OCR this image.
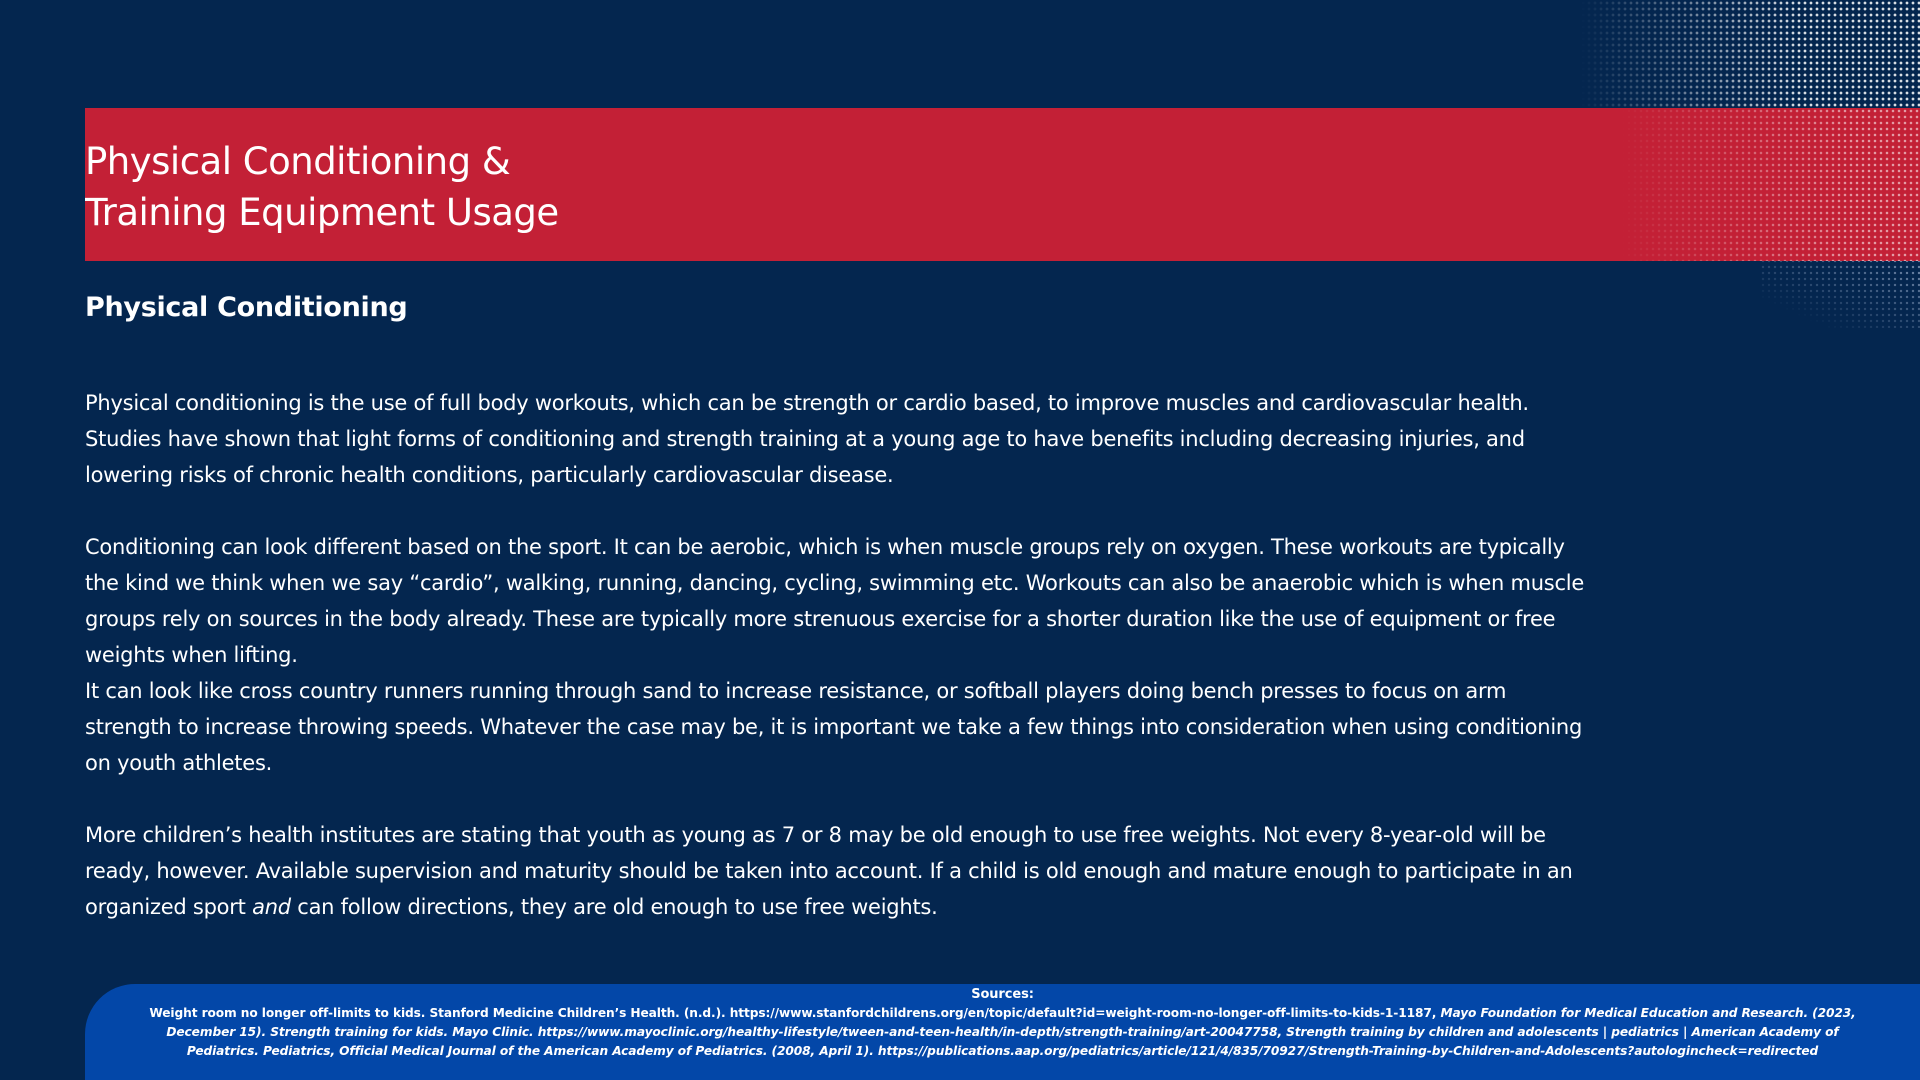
Physical Conditioning &
Training Equipment Usage
Physical Conditioning

Physical conditioning is the use of full body workouts, which can be strength or cardio based, to improve muscles and cardiovascular health. Studies have shown that light forms of conditioning and strength training at a young age to have benefits including decreasing injuries, and lowering risks of chronic health conditions, particularly cardiovascular disease.

Conditioning can look different based on the sport. It can be aerobic, which is when muscle groups rely on oxygen. These workouts are typically the kind we think when we say “cardio”, walking, running, dancing, cycling, swimming etc. Workouts can also be anaerobic which is when muscle groups rely on sources in the body already. These are typically more strenuous exercise for a shorter duration like the use of equipment or free weights when lifting.

It can look like cross country runners running through sand to increase resistance, or softball players doing bench presses to focus on arm strength to increase throwing speeds. Whatever the case may be, it is important we take a few things into consideration when using conditioning on youth athletes.

More children’s health institutes are stating that youth as young as 7 or 8 may be old enough to use free weights. Not every 8-year-old will be ready, however. Available supervision and maturity should be taken into account. If a child is old enough and mature enough to participate in an organized sport and can follow directions, they are old enough to use free weights.

Sources:
Weight room no longer off-limits to kids. Stanford Medicine Children’s Health. (n.d.). https://www.stanfordchildrens.org/en/topic/default?id=weight-room-no-longer-off-limits-to-kids-1-1187, Mayo Foundation for Medical Education and Research. (2023,
December 15). Strength training for kids. Mayo Clinic. https://www.mayoclinic.org/healthy-lifestyle/tween-and-teen-health/in-depth/strength-training/art-20047758, Strength training by children and adolescents | pediatrics | American Academy of
Pediatrics. Pediatrics, Official Medical Journal of the American Academy of Pediatrics. (2008, April 1). https://publications.aap.org/pediatrics/article/121/4/835/70927/Strength-Training-by-Children-and-Adolescents?autologincheck=redirected
